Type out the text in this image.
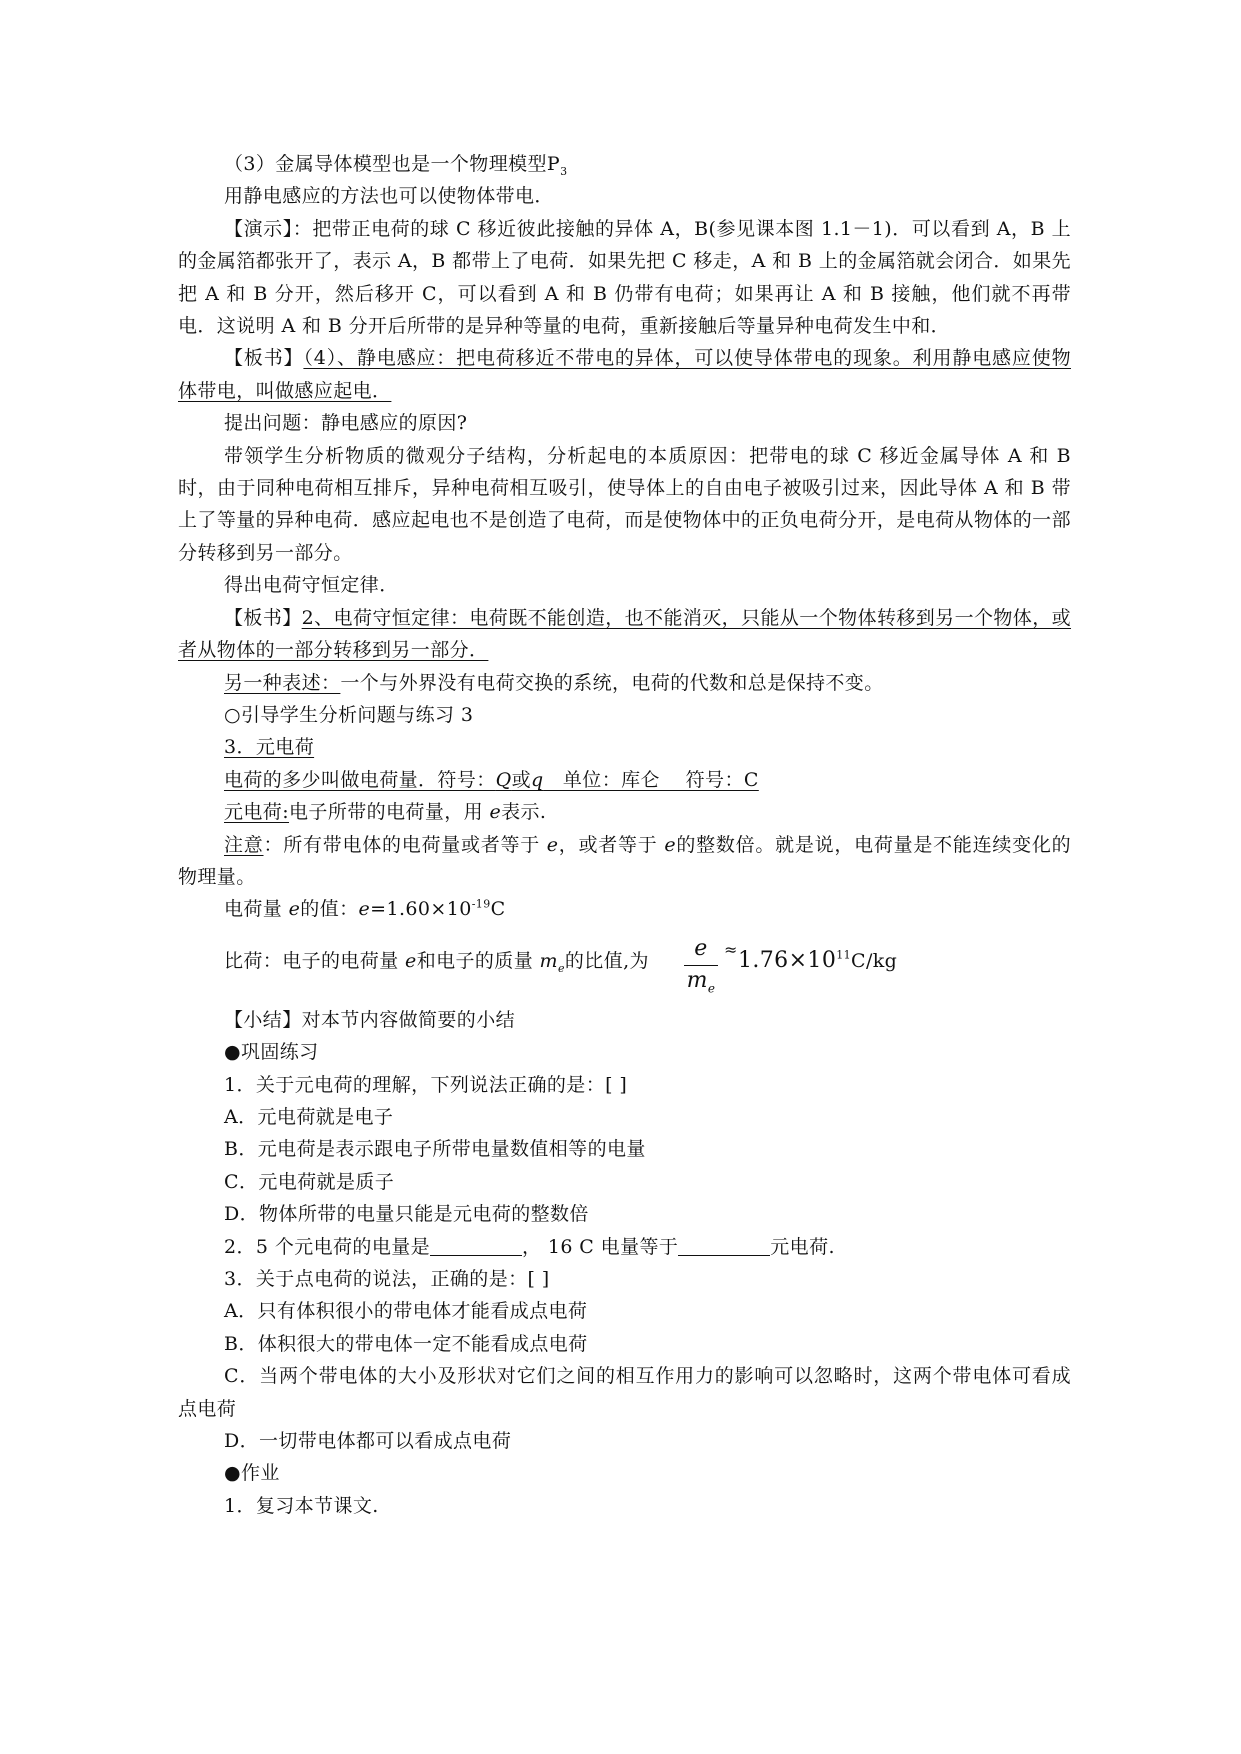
（3）金属导体模型也是一个物理模型$P_3$

用静电感应的方法也可以使物体带电．

【演示】：把带正电荷的球 C 移近彼此接触的异体 A，B(参见课本图 1.1－1)．可以看到 A，B 上的金属箔都张开了，表示 A，B 都带上了电荷．如果先把 C 移走，A 和 B 上的金属箔就会闭合．如果先把 A 和 B 分开，然后移开 C，可以看到 A 和 B 仍带有电荷；如果再让 A 和 B 接触，他们就不再带电．这说明 A 和 B 分开后所带的是异种等量的电荷，重新接触后等量异种电荷发生中和．

【板书】（4）、静电感应：把电荷移近不带电的异体，可以使导体带电的现象。利用静电感应使物体带电，叫做感应起电．

提出问题：静电感应的原因?

带领学生分析物质的微观分子结构，分析起电的本质原因：把带电的球 C 移近金属导体 A 和 B 时，由于同种电荷相互排斥，异种电荷相互吸引，使导体上的自由电子被吸引过来，因此导体 A 和 B 带上了等量的异种电荷．感应起电也不是创造了电荷，而是使物体中的正负电荷分开，是电荷从物体的一部分转移到另一部分。

得出电荷守恒定律．

【板书】2、电荷守恒定律：电荷既不能创造，也不能消灭，只能从一个物体转移到另一个物体，或者从物体的一部分转移到另一部分．

另一种表述：一个与外界没有电荷交换的系统，电荷的代数和总是保持不变。

○引导学生分析问题与练习 3

3．元电荷

电荷的多少叫做电荷量．符号：Q或q   单位：库仑    符号：C

元电荷:电子所带的电荷量，用 e表示.

注意：所有带电体的电荷量或者等于 e，或者等于 e的整数倍。就是说，电荷量是不能连续变化的物理量。

电荷量 e的值：$e=1.60\times 10^{-19}C$

比荷：电子的电荷量 e和电子的质量 $m_e$的比值,为	e
$m_e$
≈ $1.76\times 10^{11}C/kg$

【小结】对本节内容做简要的小结

●巩固练习

1．关于元电荷的理解，下列说法正确的是：[ ]

A．元电荷就是电子

B．元电荷是表示跟电子所带电量数值相等的电量

C．元电荷就是质子

D．物体所带的电量只能是元电荷的整数倍

2．5 个元电荷的电量是	， 16 C 电量等于	元电荷.

3．关于点电荷的说法，正确的是：[ ]

A．只有体积很小的带电体才能看成点电荷

B．体积很大的带电体一定不能看成点电荷

C．当两个带电体的大小及形状对它们之间的相互作用力的影响可以忽略时，这两个带电体可看成点电荷

D．一切带电体都可以看成点电荷

●作业

1．复习本节课文.
